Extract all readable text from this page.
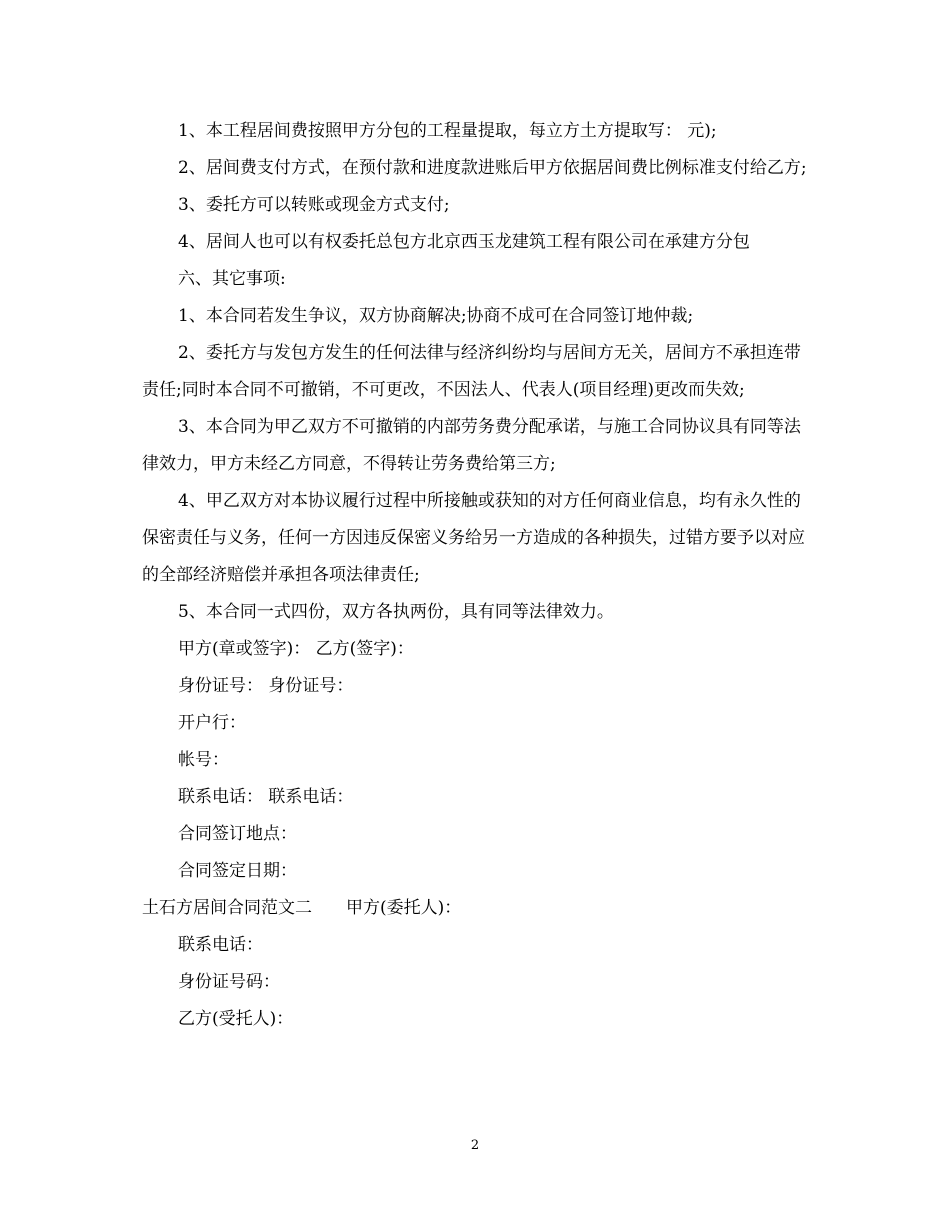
1、本工程居间费按照甲方分包的工程量提取，每立方土方提取写： 元);

2、居间费支付方式，在预付款和进度款进账后甲方依据居间费比例标准支付给乙方;

3、委托方可以转账或现金方式支付;

4、居间人也可以有权委托总包方北京西玉龙建筑工程有限公司在承建方分包

六、其它事项:

1、本合同若发生争议，双方协商解决;协商不成可在合同签订地仲裁;

2、委托方与发包方发生的任何法律与经济纠纷均与居间方无关，居间方不承担连带责任;同时本合同不可撤销，不可更改，不因法人、代表人(项目经理)更改而失效;

3、本合同为甲乙双方不可撤销的内部劳务费分配承诺，与施工合同协议具有同等法律效力，甲方未经乙方同意，不得转让劳务费给第三方;

4、甲乙双方对本协议履行过程中所接触或获知的对方任何商业信息，均有永久性的保密责任与义务，任何一方因违反保密义务给另一方造成的各种损失，过错方要予以对应的全部经济赔偿并承担各项法律责任;

5、本合同一式四份，双方各执两份，具有同等法律效力。

甲方(章或签字)： 乙方(签字)：

身份证号： 身份证号：

开户行：

帐号：

联系电话： 联系电话：

合同签订地点：

合同签定日期：

土石方居间合同范文二　　甲方(委托人)：

联系电话：

身份证号码：

乙方(受托人)：

2
